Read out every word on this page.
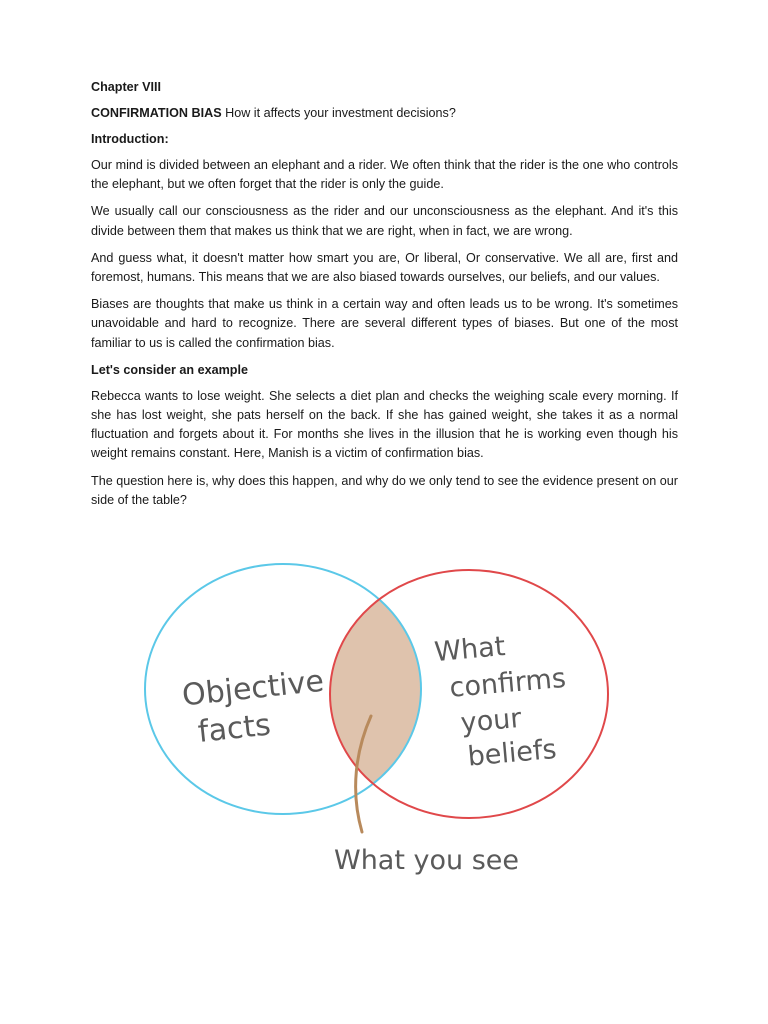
Chapter VIII

CONFIRMATION BIAS How it affects your investment decisions?

Introduction:

Our mind is divided between an elephant and a rider. We often think that the rider is the one who controls the elephant, but we often forget that the rider is only the guide.

We usually call our consciousness as the rider and our unconsciousness as the elephant. And it's this divide between them that makes us think that we are right, when in fact, we are wrong.

And guess what, it doesn't matter how smart you are, Or liberal, Or conservative. We all are, first and foremost, humans. This means that we are also biased towards ourselves, our beliefs, and our values.

Biases are thoughts that make us think in a certain way and often leads us to be wrong. It's sometimes unavoidable and hard to recognize. There are several different types of biases. But one of the most familiar to us is called the confirmation bias.

Let's consider an example

Rebecca wants to lose weight. She selects a diet plan and checks the weighing scale every morning. If she has lost weight, she pats herself on the back. If she has gained weight, she takes it as a normal fluctuation and forgets about it. For months she lives in the illusion that he is working even though his weight remains constant. Here, Manish is a victim of confirmation bias.

The question here is, why does this happen, and why do we only tend to see the evidence present on our side of the table?

Objective facts
What confirms your beliefs
What you see
